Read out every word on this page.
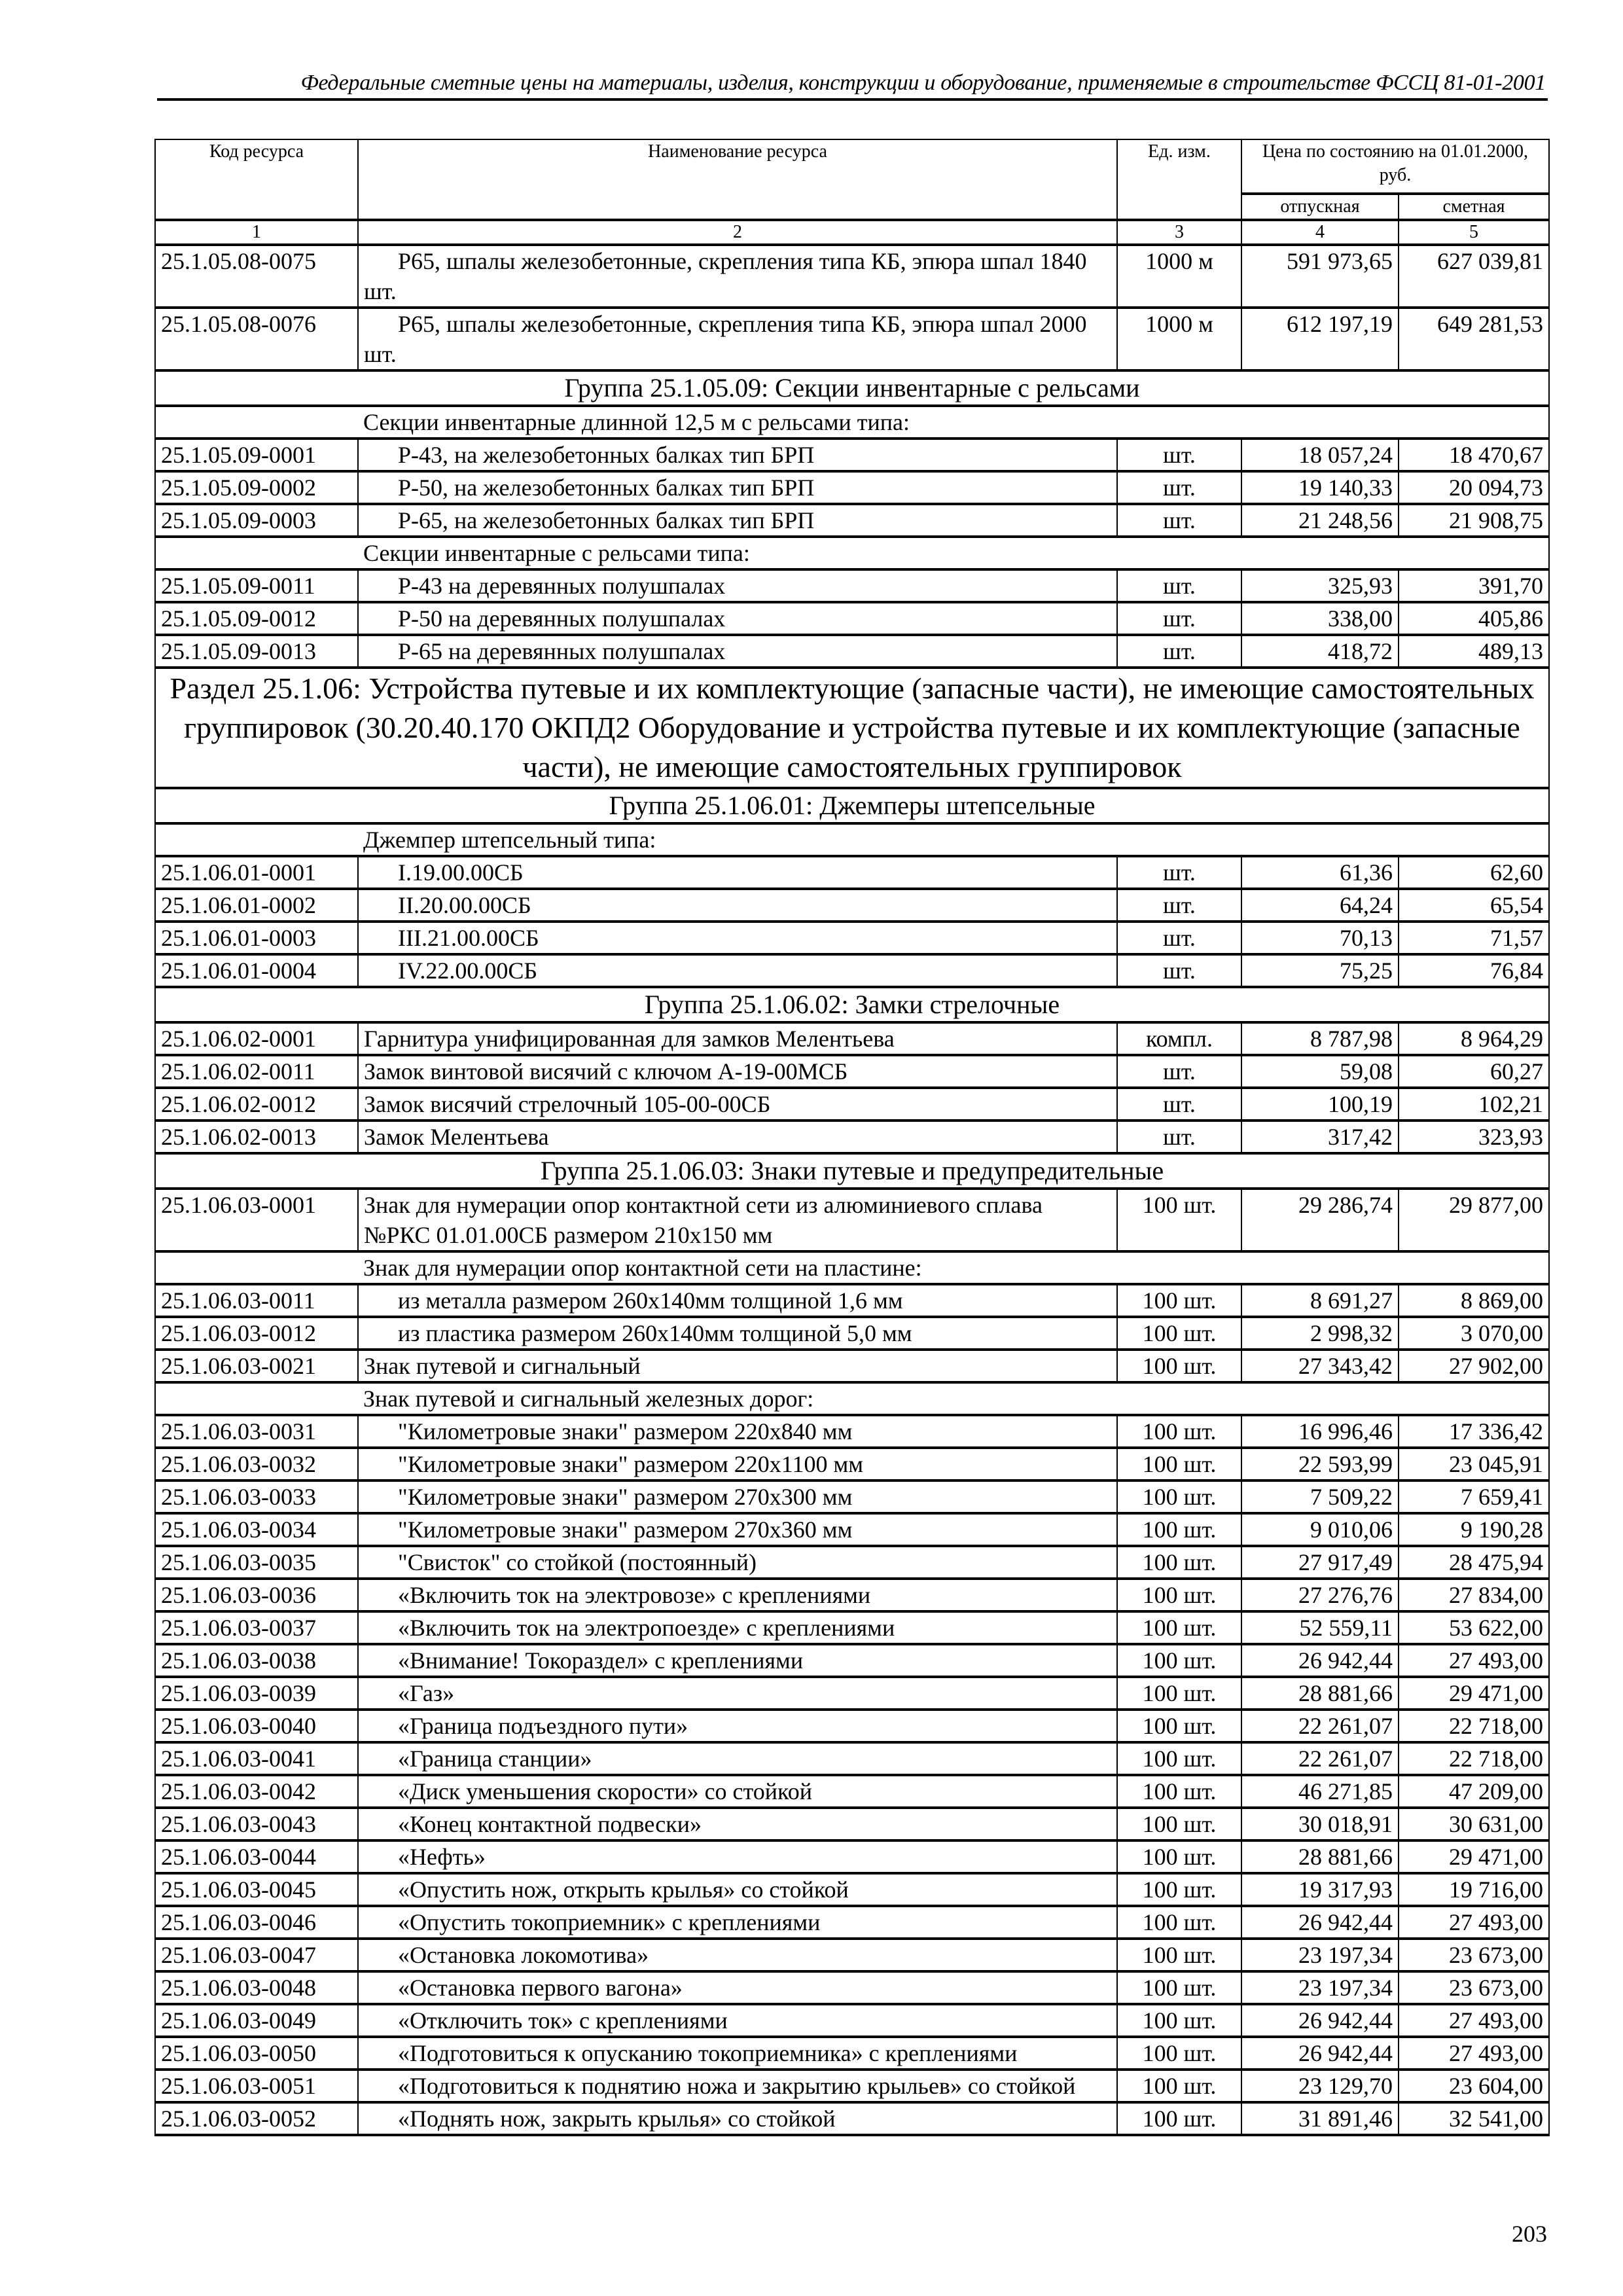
Федеральные сметные цены на материалы, изделия, конструкции и оборудование, применяемые в строительстве ФССЦ 81-01-2001
Код ресурса	Наименование ресурса	Ед. изм.	Цена по состоянию на 01.01.2000, руб.	
			отпускная	сметная
1	2	3	4	5
25.1.05.08-0075	Р65, шпалы железобетонные, скрепления типа КБ, эпюра шпал 1840 шт.	1000 м	591 973,65	627 039,81
25.1.05.08-0076	Р65, шпалы железобетонные, скрепления типа КБ, эпюра шпал 2000 шт.	1000 м	612 197,19	649 281,53
Группа 25.1.05.09: Секции инвентарные с рельсами				
	Секции инвентарные длинной 12,5 м с рельсами типа:			
25.1.05.09-0001	Р-43, на железобетонных балках тип БРП	шт.	18 057,24	18 470,67
25.1.05.09-0002	Р-50, на железобетонных балках тип БРП	шт.	19 140,33	20 094,73
25.1.05.09-0003	Р-65, на железобетонных балках тип БРП	шт.	21 248,56	21 908,75
	Секции инвентарные с рельсами типа:			
25.1.05.09-0011	Р-43 на деревянных полушпалах	шт.	325,93	391,70
25.1.05.09-0012	Р-50 на деревянных полушпалах	шт.	338,00	405,86
25.1.05.09-0013	Р-65 на деревянных полушпалах	шт.	418,72	489,13
Раздел 25.1.06: Устройства путевые и их комплектующие (запасные части), не имеющие самостоятельных группировок (30.20.40.170 ОКПД2 Оборудование и устройства путевые и их комплектующие (запасные части), не имеющие самостоятельных группировок				
Группа 25.1.06.01: Джемперы штепсельные				
	Джемпер штепсельный типа:			
25.1.06.01-0001	I.19.00.00СБ	шт.	61,36	62,60
25.1.06.01-0002	II.20.00.00СБ	шт.	64,24	65,54
25.1.06.01-0003	III.21.00.00СБ	шт.	70,13	71,57
25.1.06.01-0004	IV.22.00.00СБ	шт.	75,25	76,84
Группа 25.1.06.02: Замки стрелочные				
25.1.06.02-0001	Гарнитура унифицированная для замков Мелентьева	компл.	8 787,98	8 964,29
25.1.06.02-0011	Замок винтовой висячий с ключом А-19-00МСБ	шт.	59,08	60,27
25.1.06.02-0012	Замок висячий стрелочный 105-00-00СБ	шт.	100,19	102,21
25.1.06.02-0013	Замок Мелентьева	шт.	317,42	323,93
Группа 25.1.06.03: Знаки путевые и предупредительные				
25.1.06.03-0001	Знак для нумерации опор контактной сети из алюминиевого сплава №РКС 01.01.00СБ размером 210х150 мм	100 шт.	29 286,74	29 877,00
	Знак для нумерации опор контактной сети на пластине:			
25.1.06.03-0011	из металла размером 260х140мм толщиной 1,6 мм	100 шт.	8 691,27	8 869,00
25.1.06.03-0012	из пластика размером 260х140мм толщиной 5,0 мм	100 шт.	2 998,32	3 070,00
25.1.06.03-0021	Знак путевой и сигнальный	100 шт.	27 343,42	27 902,00
	Знак путевой и сигнальный железных дорог:			
25.1.06.03-0031	"Километровые знаки" размером 220х840 мм	100 шт.	16 996,46	17 336,42
25.1.06.03-0032	"Километровые знаки" размером 220х1100 мм	100 шт.	22 593,99	23 045,91
25.1.06.03-0033	"Километровые знаки" размером 270х300 мм	100 шт.	7 509,22	7 659,41
25.1.06.03-0034	"Километровые знаки" размером 270х360 мм	100 шт.	9 010,06	9 190,28
25.1.06.03-0035	"Свисток" со стойкой (постоянный)	100 шт.	27 917,49	28 475,94
25.1.06.03-0036	«Включить ток на электровозе» с креплениями	100 шт.	27 276,76	27 834,00
25.1.06.03-0037	«Включить ток на электропоезде» с креплениями	100 шт.	52 559,11	53 622,00
25.1.06.03-0038	«Внимание! Токораздел» с креплениями	100 шт.	26 942,44	27 493,00
25.1.06.03-0039	«Газ»	100 шт.	28 881,66	29 471,00
25.1.06.03-0040	«Граница подъездного пути»	100 шт.	22 261,07	22 718,00
25.1.06.03-0041	«Граница станции»	100 шт.	22 261,07	22 718,00
25.1.06.03-0042	«Диск уменьшения скорости» со стойкой	100 шт.	46 271,85	47 209,00
25.1.06.03-0043	«Конец контактной подвески»	100 шт.	30 018,91	30 631,00
25.1.06.03-0044	«Нефть»	100 шт.	28 881,66	29 471,00
25.1.06.03-0045	«Опустить нож, открыть крылья» со стойкой	100 шт.	19 317,93	19 716,00
25.1.06.03-0046	«Опустить токоприемник» с креплениями	100 шт.	26 942,44	27 493,00
25.1.06.03-0047	«Остановка локомотива»	100 шт.	23 197,34	23 673,00
25.1.06.03-0048	«Остановка первого вагона»	100 шт.	23 197,34	23 673,00
25.1.06.03-0049	«Отключить ток» с креплениями	100 шт.	26 942,44	27 493,00
25.1.06.03-0050	«Подготовиться к опусканию токоприемника» с креплениями	100 шт.	26 942,44	27 493,00
25.1.06.03-0051	«Подготовиться к поднятию ножа и закрытию крыльев» со стойкой	100 шт.	23 129,70	23 604,00
25.1.06.03-0052	«Поднять нож, закрыть крылья» со стойкой	100 шт.	31 891,46	32 541,00
203
